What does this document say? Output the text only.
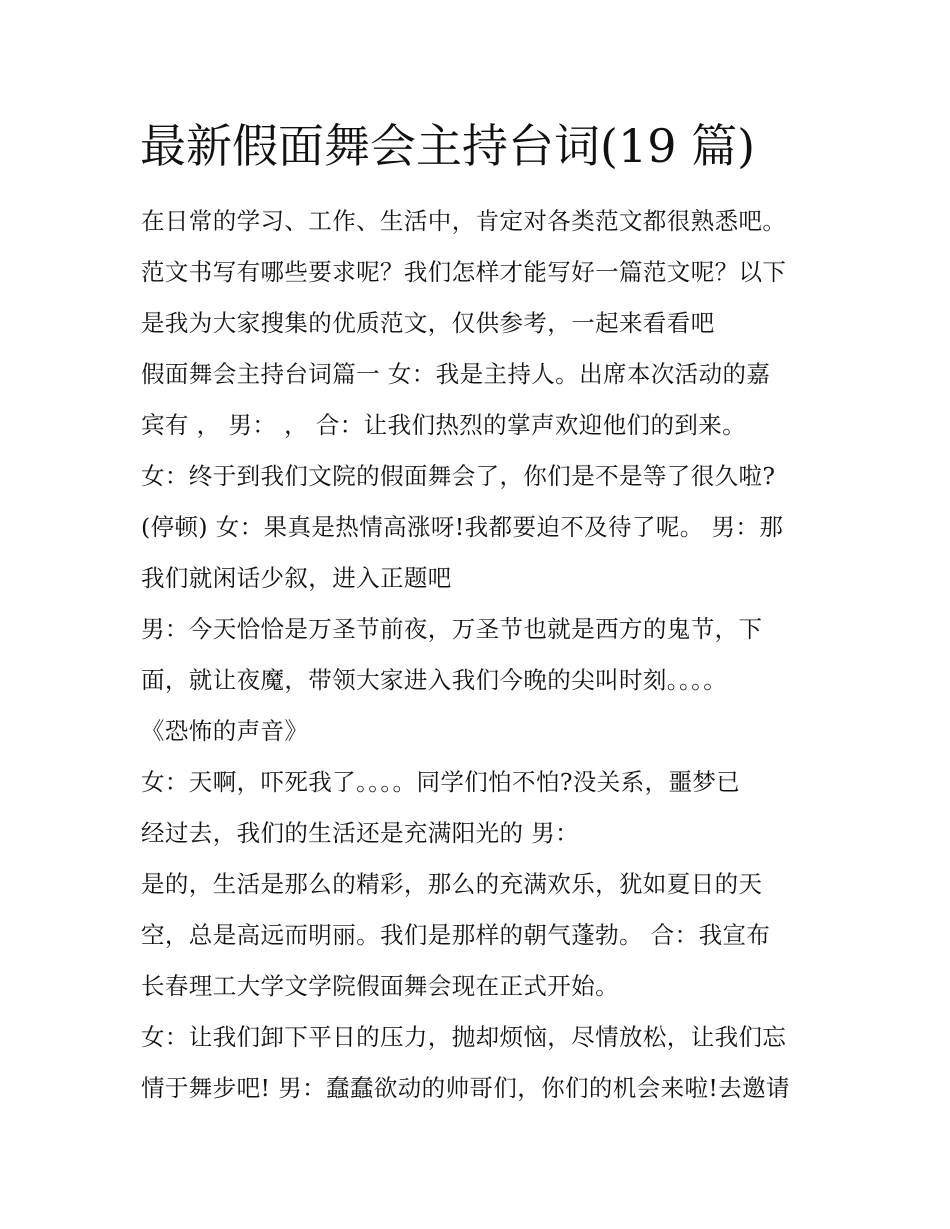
最新假面舞会主持台词(19 篇)
在日常的学习、工作、生活中，肯定对各类范文都很熟悉吧。
范文书写有哪些要求呢？我们怎样才能写好一篇范文呢？以下
是我为大家搜集的优质范文，仅供参考，一起来看看吧
假面舞会主持台词篇一 女：我是主持人。出席本次活动的嘉
宾有 ， 男： ， 合：让我们热烈的掌声欢迎他们的到来。
女：终于到我们文院的假面舞会了，你们是不是等了很久啦?
(停顿) 女：果真是热情高涨呀!我都要迫不及待了呢。 男：那
我们就闲话少叙，进入正题吧
男：今天恰恰是万圣节前夜，万圣节也就是西方的鬼节，下
面，就让夜魔，带领大家进入我们今晚的尖叫时刻。。。。
《恐怖的声音》
女：天啊，吓死我了。。。。同学们怕不怕?没关系，噩梦已
经过去，我们的生活还是充满阳光的 男：
是的，生活是那么的精彩，那么的充满欢乐，犹如夏日的天
空，总是高远而明丽。我们是那样的朝气蓬勃。 合：我宣布
长春理工大学文学院假面舞会现在正式开始。
女：让我们卸下平日的压力，抛却烦恼，尽情放松，让我们忘
情于舞步吧! 男：蠢蠢欲动的帅哥们，你们的机会来啦!去邀请
